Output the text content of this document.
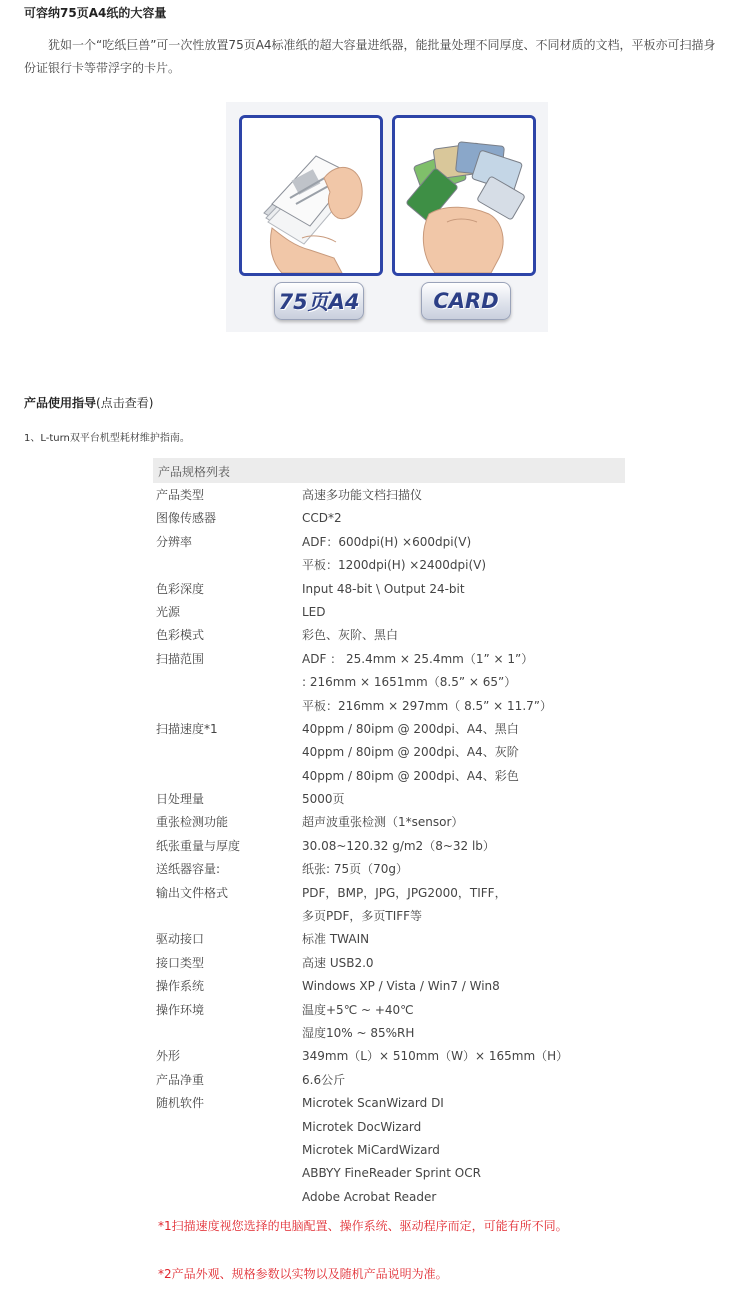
可容纳75页A4纸的大容量
犹如一个“吃纸巨兽”可一次性放置75页A4标准纸的超大容量进纸器，能批量处理不同厚度、不同材质的文档，平板亦可扫描身份证银行卡等带浮字的卡片。
75页A4	CARD
产品使用指导(点击查看)
1、L-turn双平台机型耗材维护指南。
产品规格列表
产品类型	高速多功能文档扫描仪
图像传感器	CCD*2
分辨率	ADF：600dpi(H) ×600dpi(V)
平板：1200dpi(H) ×2400dpi(V)
色彩深度	Input 48-bit \ Output 24-bit
光源	LED
色彩模式	彩色、灰阶、黑白
扫描范围	ADF ： 25.4mm × 25.4mm（1” × 1”）
: 216mm × 1651mm（8.5” × 65”）
平板：216mm × 297mm（ 8.5” × 11.7”）
扫描速度*1	40ppm / 80ipm @ 200dpi、A4、黑白
40ppm / 80ipm @ 200dpi、A4、灰阶
40ppm / 80ipm @ 200dpi、A4、彩色
日处理量	5000页
重张检测功能	超声波重张检测（1*sensor）
纸张重量与厚度	30.08~120.32 g/m2（8~32 lb）
送纸器容量:	纸张: 75页（70g）
输出文件格式	PDF，BMP，JPG，JPG2000，TIFF，
多页PDF，多页TIFF等
驱动接口	标准 TWAIN
接口类型	高速 USB2.0
操作系统	Windows XP / Vista / Win7 / Win8
操作环境	温度+5℃ ~ +40℃
湿度10% ~ 85%RH
外形	349mm（L）× 510mm（W）× 165mm（H）
产品净重	6.6公斤
随机软件	Microtek ScanWizard DI
Microtek DocWizard
Microtek MiCardWizard
ABBYY FineReader Sprint OCR
Adobe Acrobat Reader
*1扫描速度视您选择的电脑配置、操作系统、驱动程序而定，可能有所不同。
*2产品外观、规格参数以实物以及随机产品说明为准。
